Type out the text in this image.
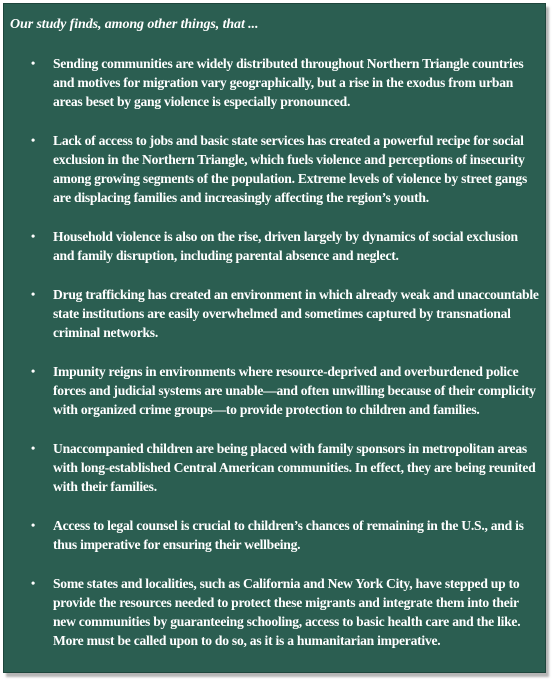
Our study finds, among other things, that ...

• Sending communities are widely distributed throughout Northern Triangle countries and motives for migration vary geographically, but a rise in the exodus from urban areas beset by gang violence is especially pronounced.
• Lack of access to jobs and basic state services has created a powerful recipe for social exclusion in the Northern Triangle, which fuels violence and perceptions of insecurity among growing segments of the population. Extreme levels of violence by street gangs are displacing families and increasingly affecting the region’s youth.
• Household violence is also on the rise, driven largely by dynamics of social exclusion and family disruption, including parental absence and neglect.
• Drug trafficking has created an environment in which already weak and unaccountable state institutions are easily overwhelmed and sometimes captured by transnational criminal networks.
• Impunity reigns in environments where resource-deprived and overburdened police forces and judicial systems are unable—and often unwilling because of their complicity with organized crime groups—to provide protection to children and families.
• Unaccompanied children are being placed with family sponsors in metropolitan areas with long-established Central American communities. In effect, they are being reunited with their families.
• Access to legal counsel is crucial to children’s chances of remaining in the U.S., and is thus imperative for ensuring their wellbeing.
• Some states and localities, such as California and New York City, have stepped up to provide the resources needed to protect these migrants and integrate them into their new communities by guaranteeing schooling, access to basic health care and the like. More must be called upon to do so, as it is a humanitarian imperative.
